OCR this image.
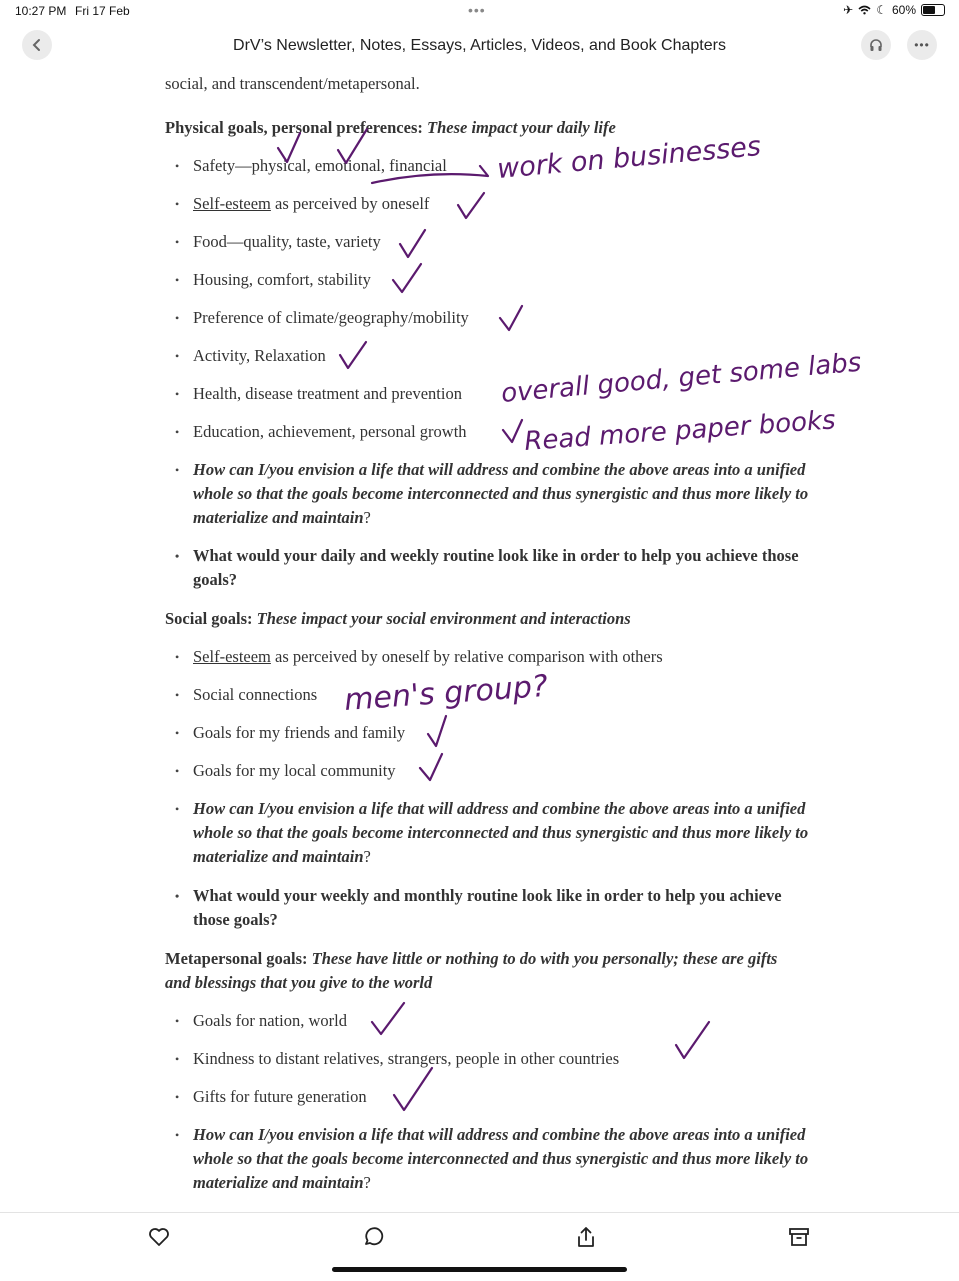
10:27 PM Fri 17 Feb	•••	✈ ☾ 60%
DrV’s Newsletter, Notes, Essays, Articles, Videos, and Book Chapters	•••
social, and transcendent/metapersonal.
Physical goals, personal preferences: These impact your daily life
• Safety—physical, emotional, financial
• Self-esteem as perceived by oneself
• Food—quality, taste, variety
• Housing, comfort, stability
• Preference of climate/geography/mobility
• Activity, Relaxation
• Health, disease treatment and prevention
• Education, achievement, personal growth
• How can I/you envision a life that will address and combine the above areas into a unified whole so that the goals become interconnected and thus synergistic and thus more likely to materialize and maintain?
• What would your daily and weekly routine look like in order to help you achieve those goals?
Social goals: These impact your social environment and interactions
• Self-esteem as perceived by oneself by relative comparison with others
• Social connections
• Goals for my friends and family
• Goals for my local community
• How can I/you envision a life that will address and combine the above areas into a unified whole so that the goals become interconnected and thus synergistic and thus more likely to materialize and maintain?
• What would your weekly and monthly routine look like in order to help you achieve those goals?
Metapersonal goals: These have little or nothing to do with you personally; these are gifts and blessings that you give to the world
• Goals for nation, world
• Kindness to distant relatives, strangers, people in other countries
• Gifts for future generation
• How can I/you envision a life that will address and combine the above areas into a unified whole so that the goals become interconnected and thus synergistic and thus more likely to materialize and maintain?
work on businesses
overall good, get some labs
Read more paper books
men's group?
